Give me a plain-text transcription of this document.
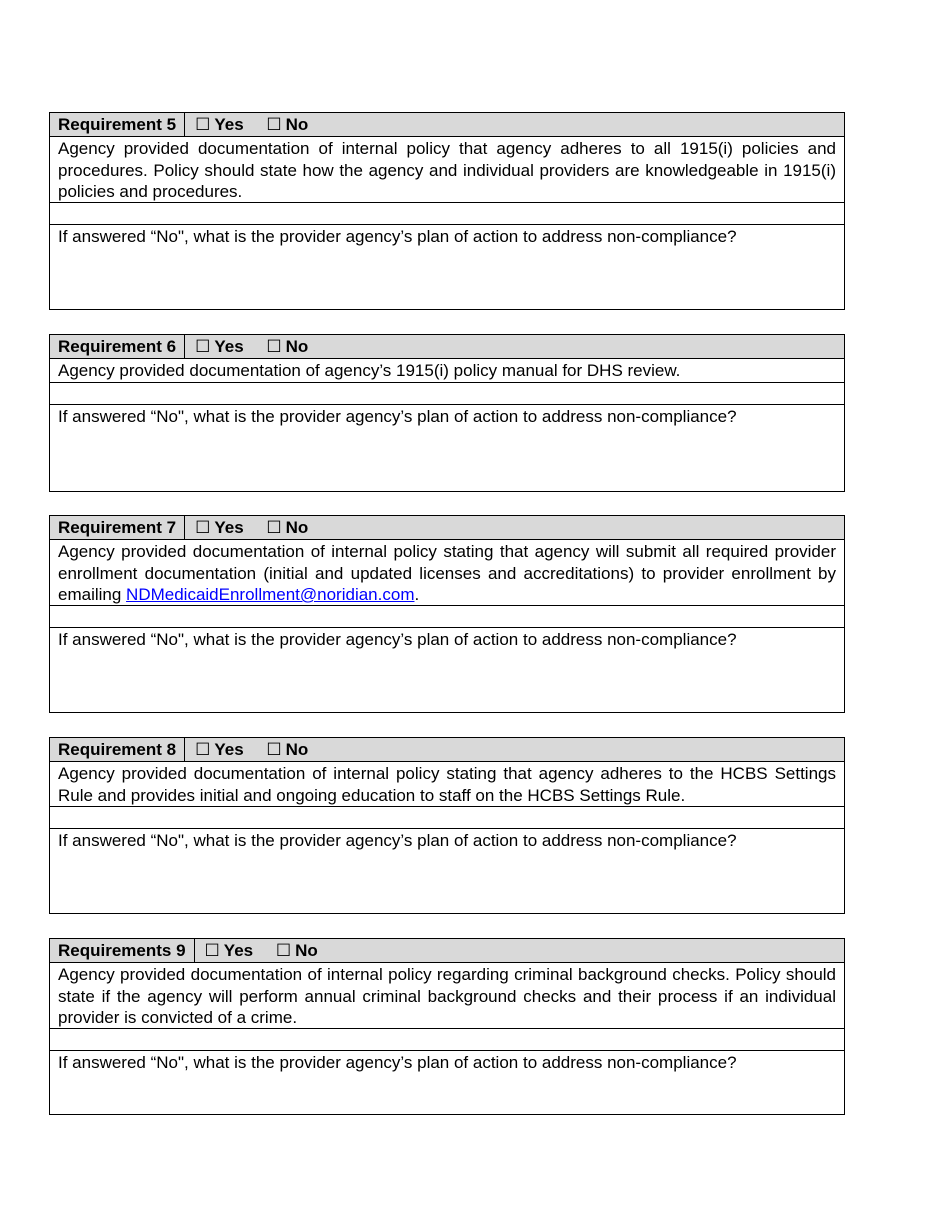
Requirement 5	☐ Yes ☐ No
Agency provided documentation of internal policy that agency adheres to all 1915(i) policies and procedures. Policy should state how the agency and individual providers are knowledgeable in 1915(i) policies and procedures.
If answered “No", what is the provider agency’s plan of action to address non-compliance?
Requirement 6	☐ Yes ☐ No
Agency provided documentation of agency’s 1915(i) policy manual for DHS review.
If answered “No", what is the provider agency’s plan of action to address non-compliance?
Requirement 7	☐ Yes ☐ No
Agency provided documentation of internal policy stating that agency will submit all required provider enrollment documentation (initial and updated licenses and accreditations) to provider enrollment by emailing NDMedicaidEnrollment@noridian.com.
If answered “No", what is the provider agency’s plan of action to address non-compliance?
Requirement 8	☐ Yes ☐ No
Agency provided documentation of internal policy stating that agency adheres to the HCBS Settings Rule and provides initial and ongoing education to staff on the HCBS Settings Rule.
If answered “No", what is the provider agency’s plan of action to address non-compliance?
Requirements 9	☐ Yes ☐ No
Agency provided documentation of internal policy regarding criminal background checks. Policy should state if the agency will perform annual criminal background checks and their process if an individual provider is convicted of a crime.
If answered “No", what is the provider agency’s plan of action to address non-compliance?
